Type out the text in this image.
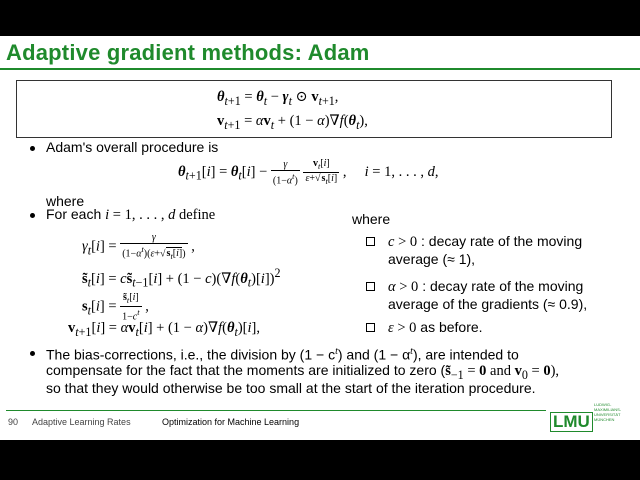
Adaptive gradient methods: Adam
$\theta_{t+1} = \theta_t - \gamma_t$ ⊙ $v_{t+1}$,
$v_{t+1} = \alpha v_t + (1 - \alpha)\nabla f(\theta_t)$,
Adam's overall procedure is
$\theta_{t+1}[i] = \theta_t[i] - \frac{\gamma}{(1-\alpha^t)}$
$\frac{v_t[i]}{\varepsilon+√s_t[i]}$ ,     i = 1, . . . , d,
where
For each i = 1, . . . , d define
$\gamma_t[i] = \frac{\gamma}{(1-\alpha^t)(\varepsilon+√s_t[i])}$ ,
$s̃_t[i]$ = $cs̃_{t-1}[i] + (1 - c)(\nabla f(\theta_t)[i])^2$
$s_t[i] = \frac{s̃_t[i]}{1-c^t}$ ,
$v_{t+1}[i] = \alpha v_t[i] + (1 - \alpha)\nabla f(\theta_t)[i]$,
where
c > 0 : decay rate of the moving
average (≈ 1),
α > 0 : decay rate of the moving
average of the gradients (≈ 0.9),
ε > 0 as before.
The bias-corrections, i.e., the division by $(1 - c^t)$ and $(1 - \alpha^t)$, are intended to
compensate for the fact that the moments are initialized to zero ($s̃_{-1} = 0$ and $v_0 = 0$),
so that they would otherwise be too small at the start of the iteration procedure.
90 Adaptive Learning Rates	Optimization for Machine Learning	LMU
LUDWIG-MAXIMILIANS-UNIVERSITÄT MÜNCHEN
